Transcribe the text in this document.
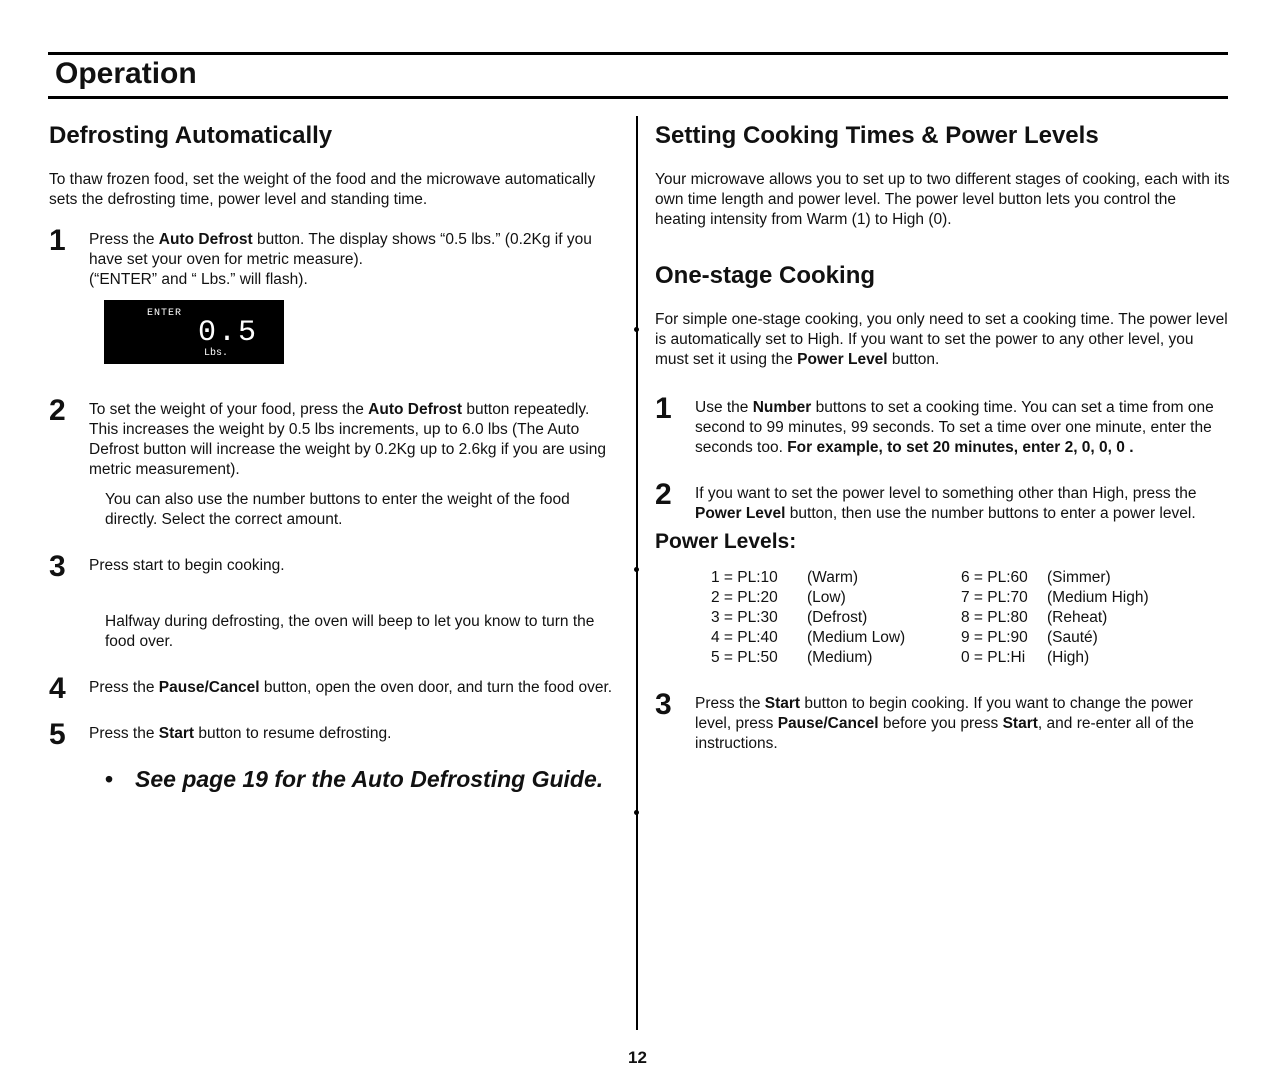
Operation
Defrosting Automatically

To thaw frozen food, set the weight of the food and the microwave automatically sets the defrosting time, power level and standing time.

1 Press the Auto Defrost button. The display shows “0.5 lbs.” (0.2Kg if you have set your oven for metric measure).

(“ENTER” and “ Lbs.” will flash).

ENTER
0.5
Lbs.
2 To set the weight of your food, press the Auto Defrost button repeatedly. This increases the weight by 0.5 lbs increments, up to 6.0 lbs (The Auto Defrost button will increase the weight by 0.2Kg up to 2.6kg if you are using metric measurement).

You can also use the number buttons to enter the weight of the food directly. Select the correct amount.

3 Press start to begin cooking.

Halfway during defrosting, the oven will beep to let you know to turn the food over.

4 Press the Pause/Cancel button, open the oven door, and turn the food over.

5 Press the Start button to resume defrosting.

• See page 19 for the Auto Defrosting Guide.
Setting Cooking Times & Power Levels

Your microwave allows you to set up to two different stages of cooking, each with its own time length and power level. The power level button lets you control the heating intensity from Warm (1) to High (0).

One-stage Cooking

For simple one-stage cooking, you only need to set a cooking time. The power level is automatically set to High. If you want to set the power to any other level, you must set it using the Power Level button.

1 Use the Number buttons to set a cooking time. You can set a time from one second to 99 minutes, 99 seconds. To set a time over one minute, enter the seconds too. For example, to set 20 minutes, enter 2, 0, 0, 0 .

2 If you want to set the power level to something other than High, press the Power Level button, then use the number buttons to enter a power level.

Power Levels:
1 = PL:10	(Warm)
2 = PL:20	(Low)
3 = PL:30	(Defrost)
4 = PL:40	(Medium Low)
5 = PL:50	(Medium)
6 = PL:60	(Simmer)
7 = PL:70	(Medium High)
8 = PL:80	(Reheat)
9 = PL:90	(Sauté)
0 = PL:Hi	(High)
3 Press the Start button to begin cooking. If you want to change the power level, press Pause/Cancel before you press Start, and re-enter all of the instructions.

12
